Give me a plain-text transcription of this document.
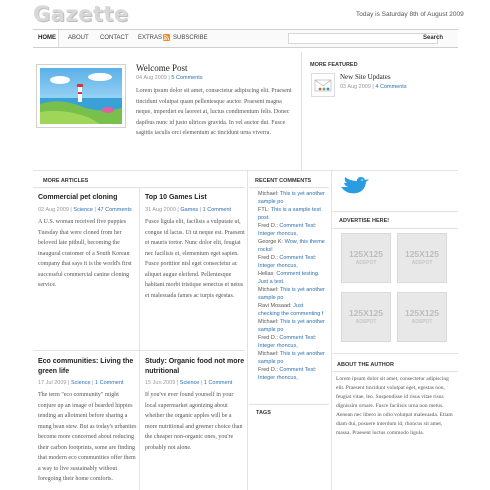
Gazette	Today is Saturday 8th of August 2009
HOME	ABOUT CONTACT EXTRAS SUBSCRIBE	Search
Welcome Post
04 Aug 2009 | 5 Comments
Lorem ipsum dolor sit amet, consectetur adipiscing elit. Praesent tincidunt volutpat quam pellentesque auctor. Praesent magna neque, imperdiet eu laoreet at, luctus condimentum felis. Donec dapibus nunc id justo ultrices gravida. In vel auctor dui. Fusce sagittis iaculis orci elementum ac tincidunt urna viverra.
MORE FEATURED
New Site Updates
03 Aug 2009 | 4 Comments
MORE ARTICLES
Commercial pet cloning
02 Aug 2009 | Science | 47 Comments
A U.S. woman received five puppies Tuesday that were cloned from her beloved late pitbull, becoming the inaugural customer of a South Korean company that says it is the world's first successful commercial canine cloning service.
Top 10 Games List
31 Aug 2009 | Games | 1 Comment
Fusce ligula elit, facilisis a vulputate ut, congue id lacus. Ut ut neque est. Praesent et mauris tortor. Nunc dolor elit, feugiat nec facilisis et, elementum eget sapien. Fusce porttitor nisl eget consectetur ac aliquet augue eleifend. Pellentesque habitant morbi tristique senectus et netus et malesuada fames ac turpis egestas.
Eco communities: Living the green life
17 Jul 2009 | Science | 1 Comment
The term "eco community" might conjure up an image of bearded hippies tending an allotment before sharing a mung bean stew. But as today's urbanites become more concerned about reducing their carbon footprints, some are finding that modern eco communities offer them a way to live sustainably without foregoing their home comforts.
Study: Organic food not more nutritional
15 Jun 2009 | Science | 1 Comment
If you've ever found yourself in your local supermarket agonizing about whether the organic apples will be a more nutritional and greener choice than the cheaper non-organic ones, you're probably not alone.
RECENT COMMENTS
Michael: This is yet another sample po
FTL: This is a sample test post.
Fred D.: Comment Test: Integer rhoncus,
George K: Wow, this theme rocks!
Fred D.: Comment Test: Integer rhoncus,
Hellas: Comment testing. Just a test.
Michael: This is yet another sample po
Ravi Mosaad: Just checking the commenting f
Michael: This is yet another sample po
Fred D.: Comment Test: Integer rhoncus,
Michael: This is yet another sample po
Fred D.: Comment Test: Integer rhoncus,
TAGS
ADVERTISE HERE!
125X125
ADSPOT
125X125
ADSPOT
125X125
ADSPOT
125X125
ADSPOT
ABOUT THE AUTHOR
Lorem ipsum dolor sit amet, consectetur adipiscing elit. Praesent tincidunt volutpat eget, egestas non, feugiat vitae, leo. Suspendisse id risus vitae risus dignissim ornare. Fusce facilisis urna non metus. Aenean nec libero in odio volutpat malesuada. Etiam diam dui, posuere interdum id, rhoncus sit amet, massa. Praesent luctus commodo ligula.
